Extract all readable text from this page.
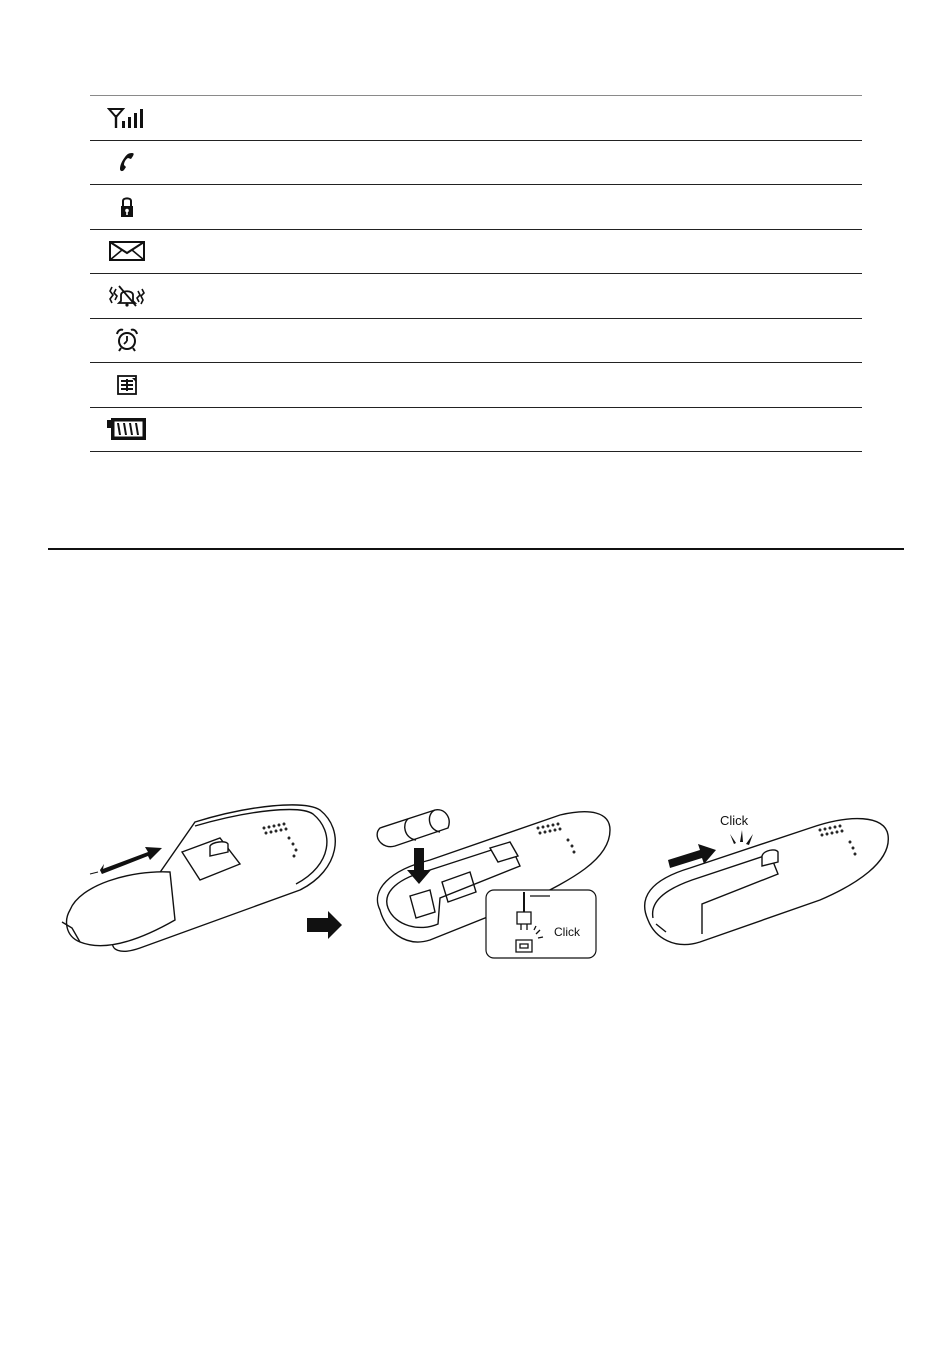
Click
Click
